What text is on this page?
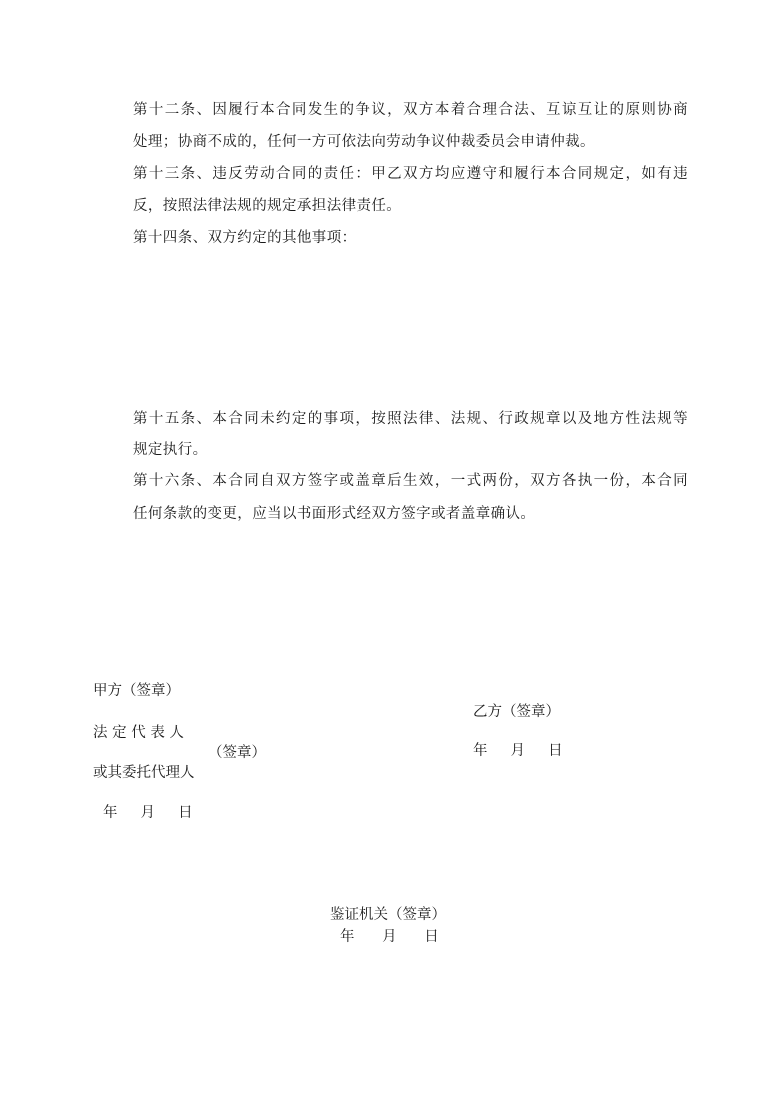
第十二条、因履行本合同发生的争议，双方本着合理合法、互谅互让的原则协商
处理；协商不成的，任何一方可依法向劳动争议仲裁委员会申请仲裁。
第十三条、违反劳动合同的责任：甲乙双方均应遵守和履行本合同规定，如有违
反，按照法律法规的规定承担法律责任。
第十四条、双方约定的其他事项：
第十五条、本合同未约定的事项，按照法律、法规、行政规章以及地方性法规等
规定执行。
第十六条、本合同自双方签字或盖章后生效，一式两份，双方各执一份，本合同
任何条款的变更，应当以书面形式经双方签字或者盖章确认。
甲方（签章）
法 定 代 表 人
（签章）
或其委托代理人
年     月     日
乙方（签章）
年     月     日
鉴证机关（签章）
年      月      日
